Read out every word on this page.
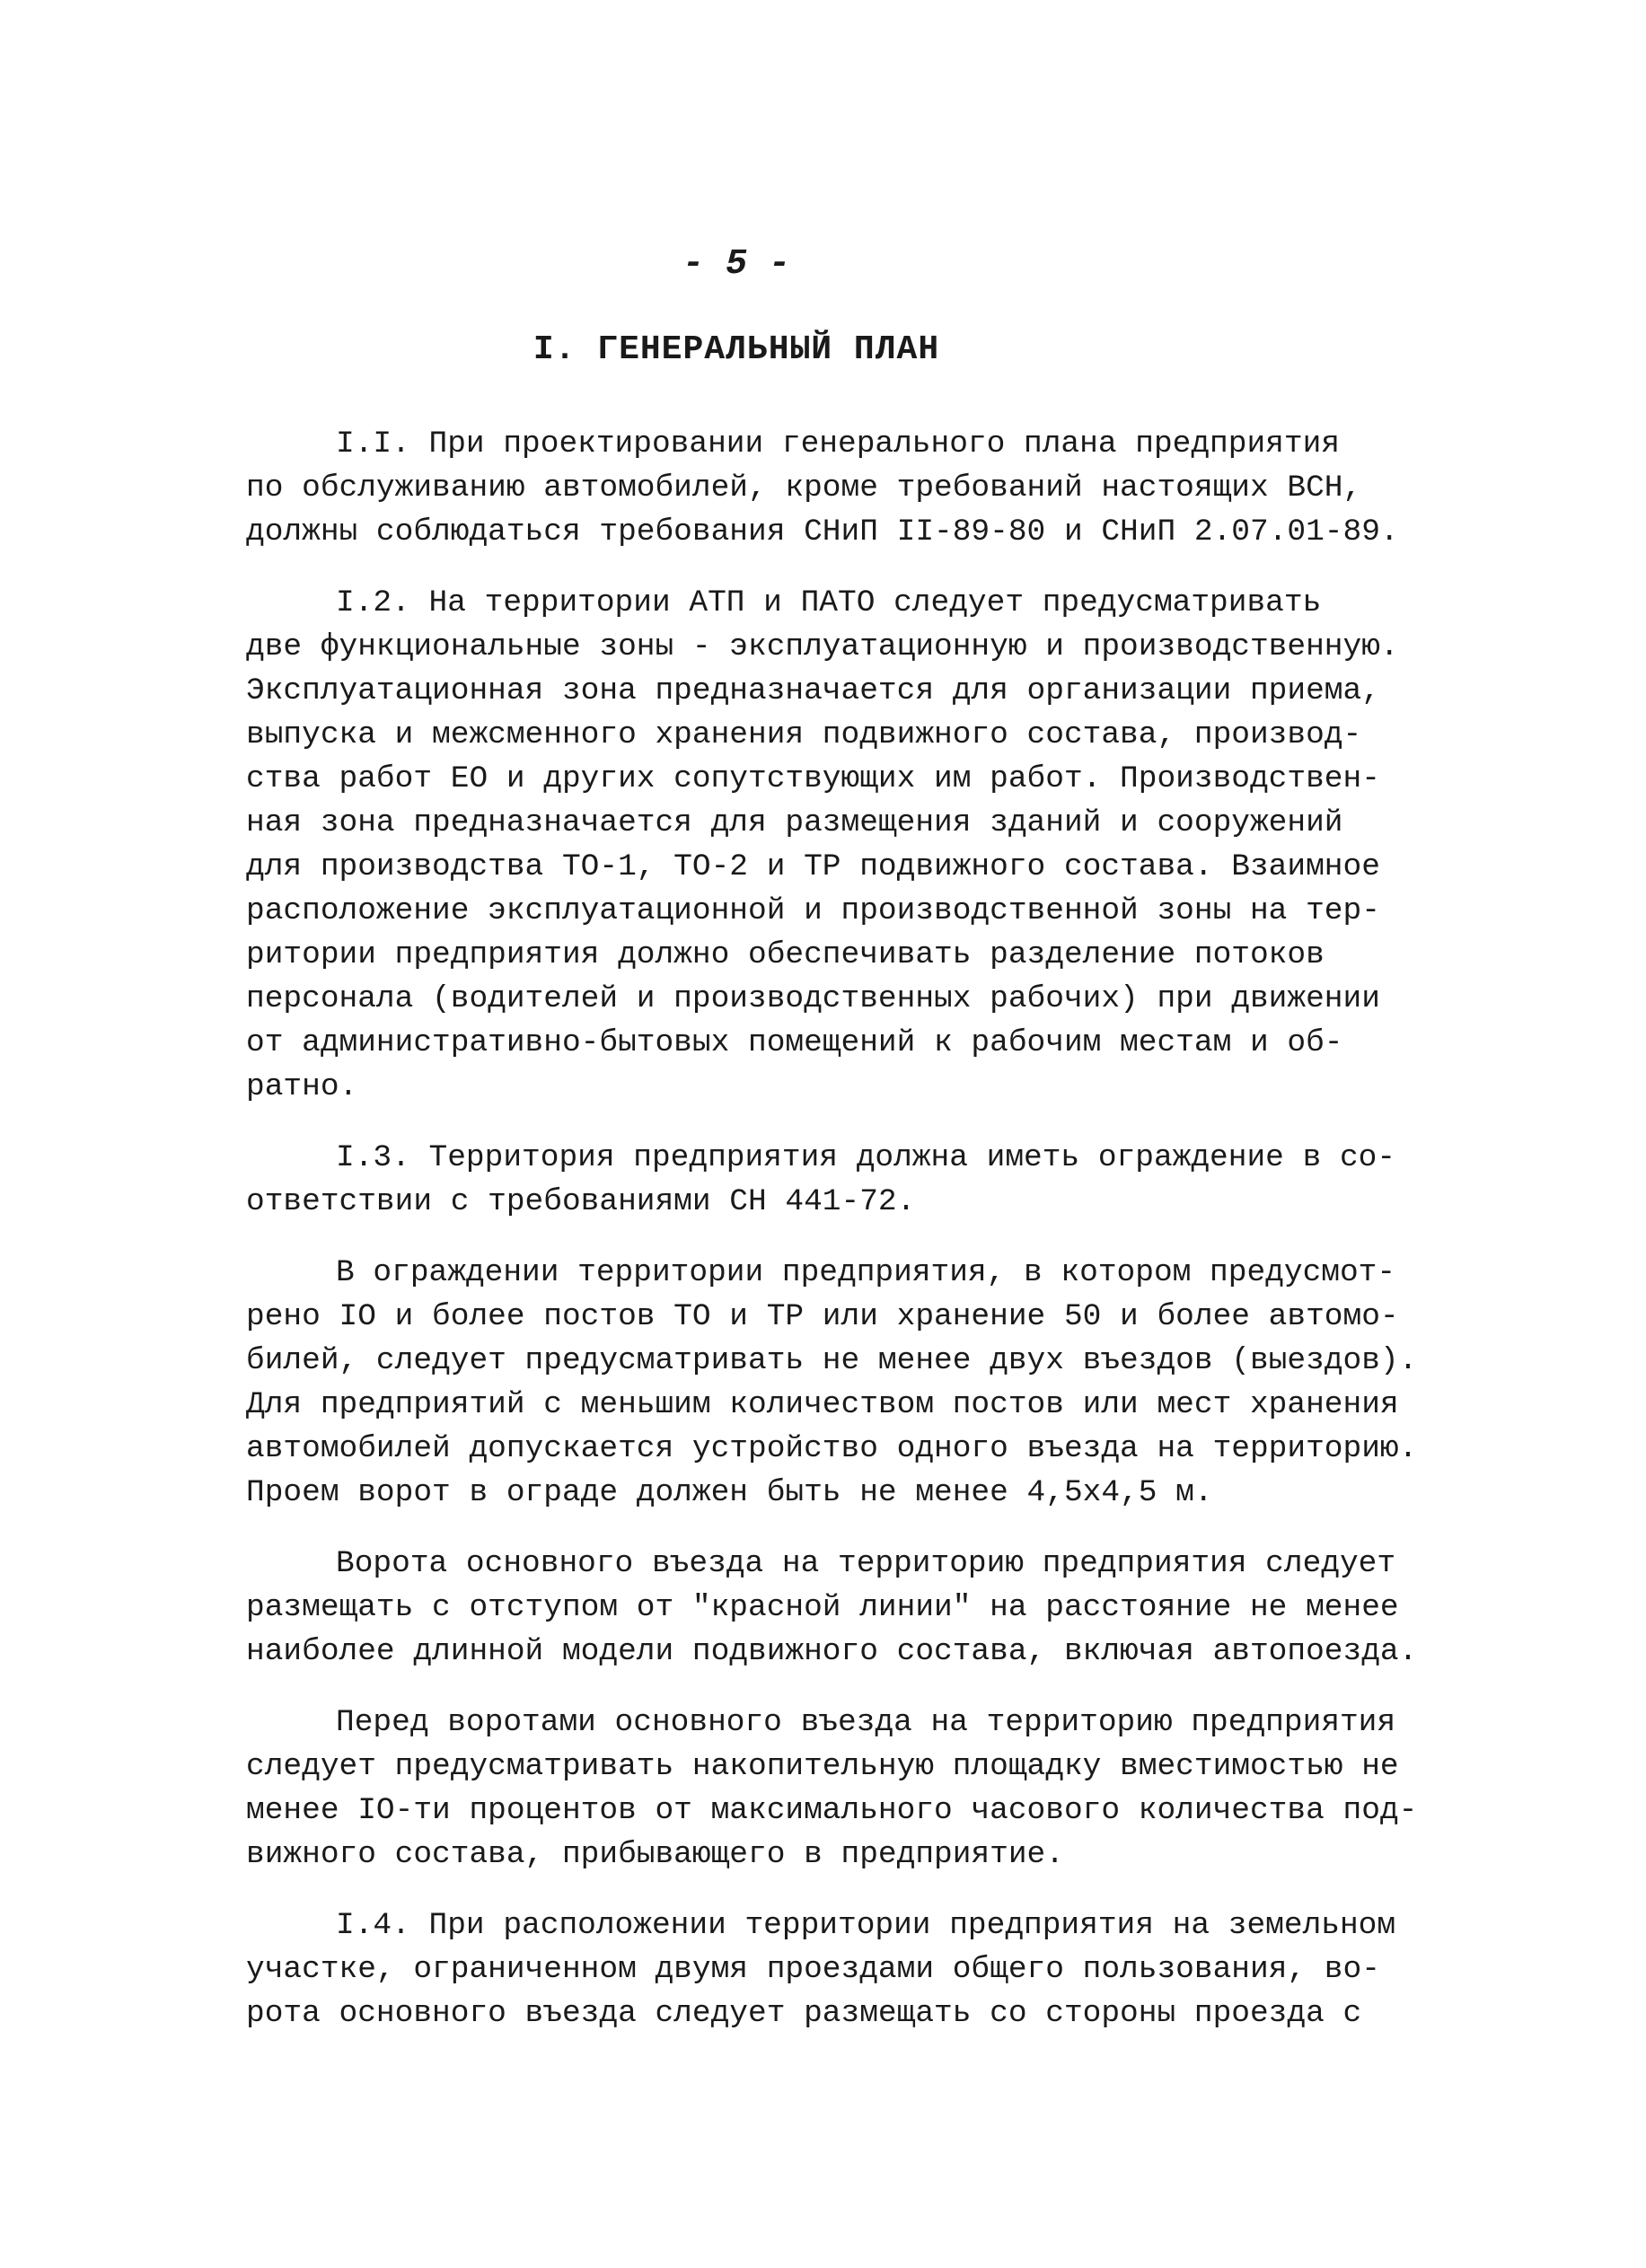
- 5 -
I. ГЕНЕРАЛЬНЫЙ ПЛАН
I.I. При проектировании генерального плана предприятия
по обслуживанию автомобилей, кроме требований настоящих ВСН,
должны соблюдаться требования СНиП II-89-80 и СНиП 2.07.01-89.
I.2. На территории АТП и ПАТО следует предусматривать
две функциональные зоны - эксплуатационную и производственную.
Эксплуатационная зона предназначается для организации приема,
выпуска и межсменного хранения подвижного состава, производ-
ства работ ЕО и других сопутствующих им работ. Производствен-
ная зона предназначается для размещения зданий и сооружений
для производства ТО-1, ТО-2 и ТР подвижного состава. Взаимное
расположение эксплуатационной и производственной зоны на тер-
ритории предприятия должно обеспечивать разделение потоков
персонала (водителей и производственных рабочих) при движении
от административно-бытовых помещений к рабочим местам и об-
ратно.
I.3. Территория предприятия должна иметь ограждение в со-
ответствии с требованиями СН 441-72.
В ограждении территории предприятия, в котором предусмот-
рено IO и более постов ТО и ТР или хранение 50 и более автомо-
билей, следует предусматривать не менее двух въездов (выездов).
Для предприятий с меньшим количеством постов или мест хранения
автомобилей допускается устройство одного въезда на территорию.
Проем ворот в ограде должен быть не менее 4,5х4,5 м.
Ворота основного въезда на территорию предприятия следует
размещать с отступом от "красной линии" на расстояние не менее
наиболее длинной модели подвижного состава, включая автопоезда.
Перед воротами основного въезда на территорию предприятия
следует предусматривать накопительную площадку вместимостью не
менее IO-ти процентов от максимального часового количества под-
вижного состава, прибывающего в предприятие.
I.4. При расположении территории предприятия на земельном
участке, ограниченном двумя проездами общего пользования, во-
рота основного въезда следует размещать со стороны проезда с
